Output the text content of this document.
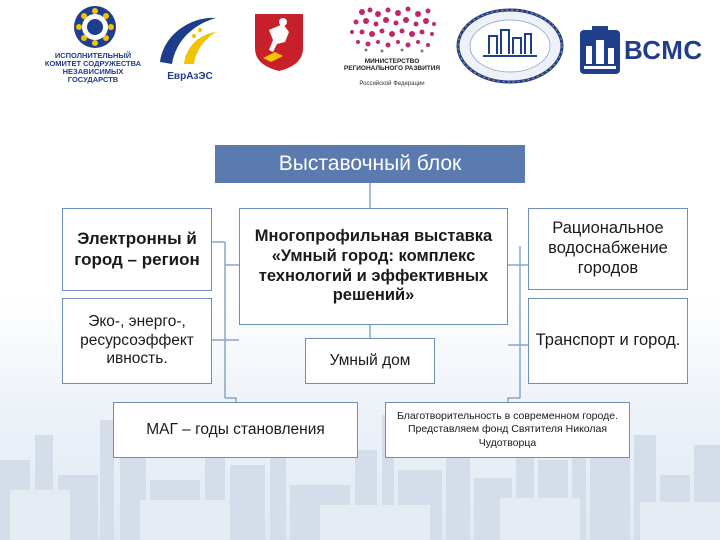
ИСПОЛНИТЕЛЬНЫЙ КОМИТЕТ СОДРУЖЕСТВА НЕЗАВИСИМЫХ ГОСУДАРСТВ	ЕврАзЭС
МИНИСТЕРСТВО РЕГИОНАЛЬНОГО РАЗВИТИЯ
Российской Федерации
ВСМС
Выставочный блок
Электронны й город – регион
Эко-, энерго-, ресурсоэффект ивность.	Умный дом
Многопрофильная выставка «Умный город: комплекс технологий и эффективных решений»
Рациональное водоснабжение городов
Транспорт и город.
МАГ – годы становления
Благотворительность в современном городе. Представляем фонд Святителя Николая Чудотворца
